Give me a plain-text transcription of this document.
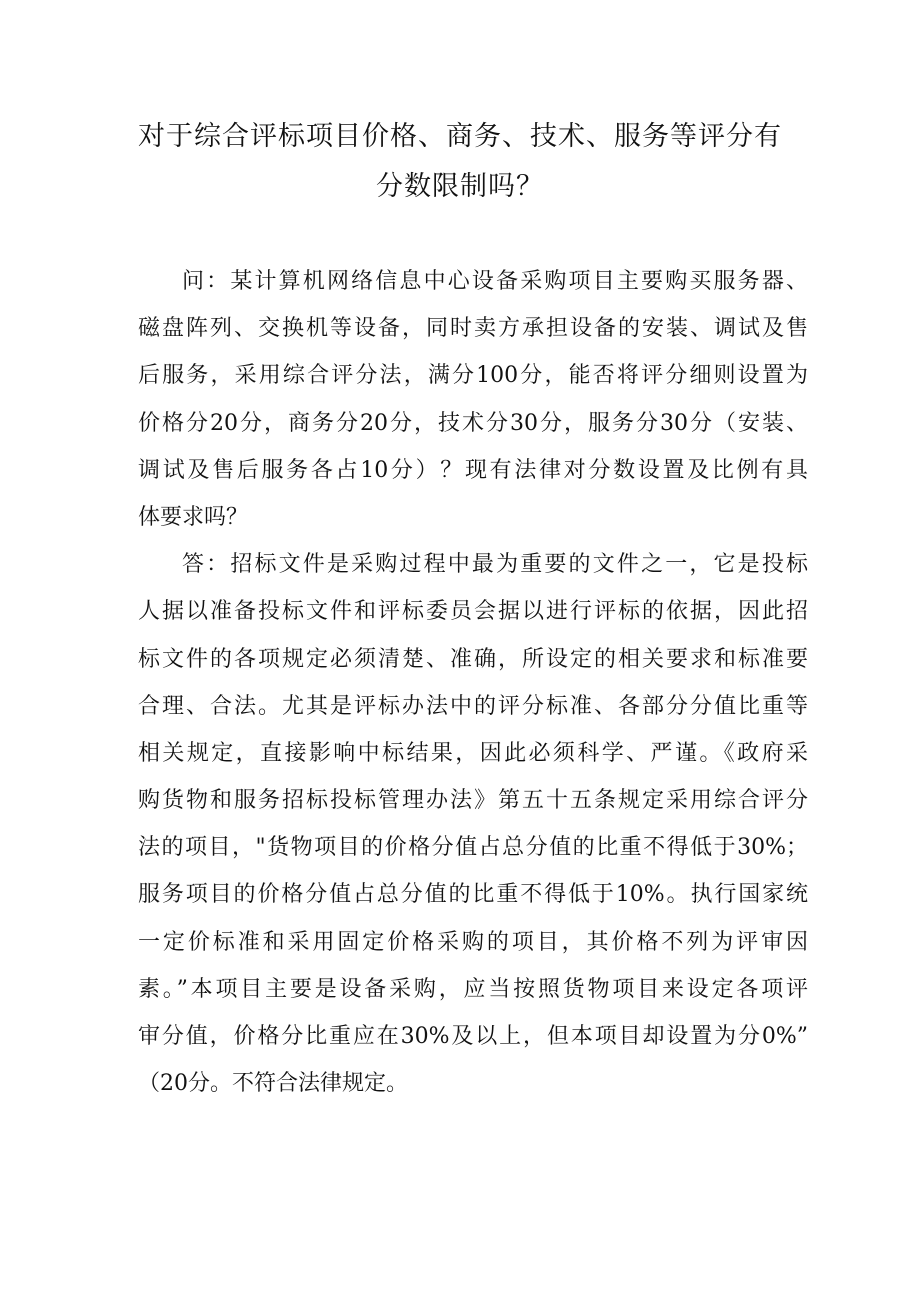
对于综合评标项目价格、商务、技术、服务等评分有
分数限制吗？
问：某计算机网络信息中心设备采购项目主要购买服务器、
磁盘阵列、交换机等设备，同时卖方承担设备的安装、调试及售
后服务，采用综合评分法，满分100分，能否将评分细则设置为
价格分20分，商务分20分，技术分30分，服务分30分（安装、
调试及售后服务各占10分）？现有法律对分数设置及比例有具
体要求吗？
答：招标文件是采购过程中最为重要的文件之一，它是投标
人据以准备投标文件和评标委员会据以进行评标的依据，因此招
标文件的各项规定必须清楚、准确，所设定的相关要求和标准要
合理、合法。尤其是评标办法中的评分标准、各部分分值比重等
相关规定，直接影响中标结果，因此必须科学、严谨。《政府采
购货物和服务招标投标管理办法》第五十五条规定采用综合评分
法的项目，"货物项目的价格分值占总分值的比重不得低于30%；
服务项目的价格分值占总分值的比重不得低于10%。执行国家统
一定价标准和采用固定价格采购的项目，其价格不列为评审因
素。”本项目主要是设备采购，应当按照货物项目来设定各项评
审分值，价格分比重应在30%及以上，但本项目却设置为分0%”
（20分。不符合法律规定。
